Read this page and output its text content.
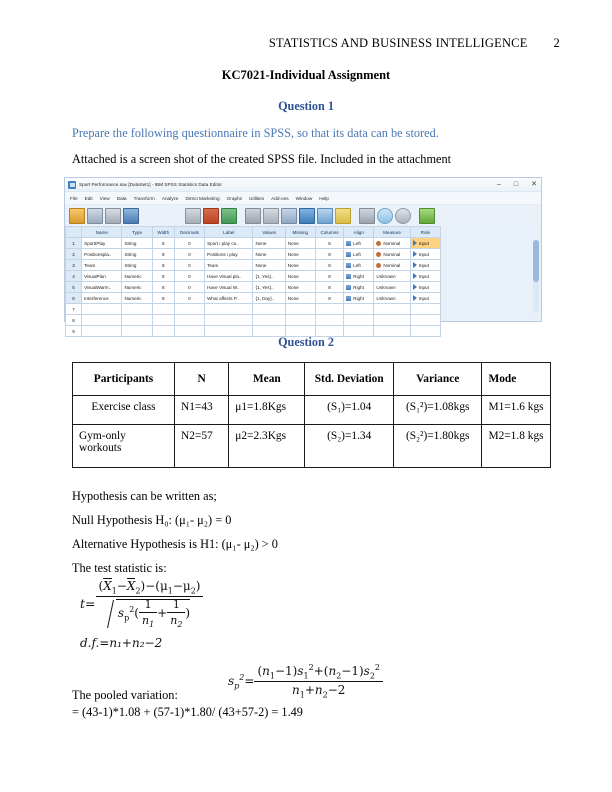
STATISTICS AND BUSINESS INTELLIGENCE 2
KC7021-Individual Assignment
Question 1
Prepare the following questionnaire in SPSS, so that its data can be stored.
Attached is a screen shot of the created SPSS file. Included in the attachment
Sport Performance.sav [DataSet1] - IBM SPSS Statistics Data Editor	– □ ✕
File Edit View Data Transform Analyze Direct Marketing Graphs Utilities Add-ons Window Help
	Name	Type	Width	Decimals	Label	Values	Missing	Columns	Align	Measure	Role
1	SportIPlay	String	8	0	Sport i play co..	None	None	8	Left	Nominal	Input
2	Positionspla..	String	8	0	Positions i play	None	None	8	Left	Nominal	Input
3	Team	String	8	0	Team	None	None	8	Left	Nominal	Input
4	VisualPlan	Numeric	8	0	Have Visual pla..	{1, Yes}..	None	8	Right	Unknown	Input
5	VisualWarm..	Numeric	8	0	Have Visual W..	{1, Yes}..	None	8	Right	Unknown	Input
6	Interference	Numeric	8	0	What affects P..	{1, Day}..	None	8	Right	Unknown	Input
7											
8											
9											
Question 2
Participants	N	Mean	Std. Deviation	Variance	Mode
Exercise class	N1=43	μ1=1.8Kgs	(S₁)=1.04	(S₁²)=1.08kgs	M1=1.6 kgs
Gym-only workouts	N2=57	μ2=2.3Kgs	(S₂)=1.34	(S₂²)=1.80kgs	M2=1.8 kgs
Hypothesis can be written as;
Null Hypothesis H₀: (μ₁- μ₂) = 0
Alternative Hypothesis is H1: (μ₁- μ₂) > 0
The test statistic is:
$t= \frac{(X_1-X_2)-(\mu_1-\mu_2)}{s_p^2( \frac{1}{n_1} + \frac{1}{n_2} )}$
d.f.=n₁+n₂−2
$s_p^2= \frac{(n_1-1)s_1^2+(n_2-1)s_2^2}{n_1+n_2-2}$
The pooled variation:
= (43-1)*1.08 + (57-1)*1.80/ (43+57-2) = 1.49
